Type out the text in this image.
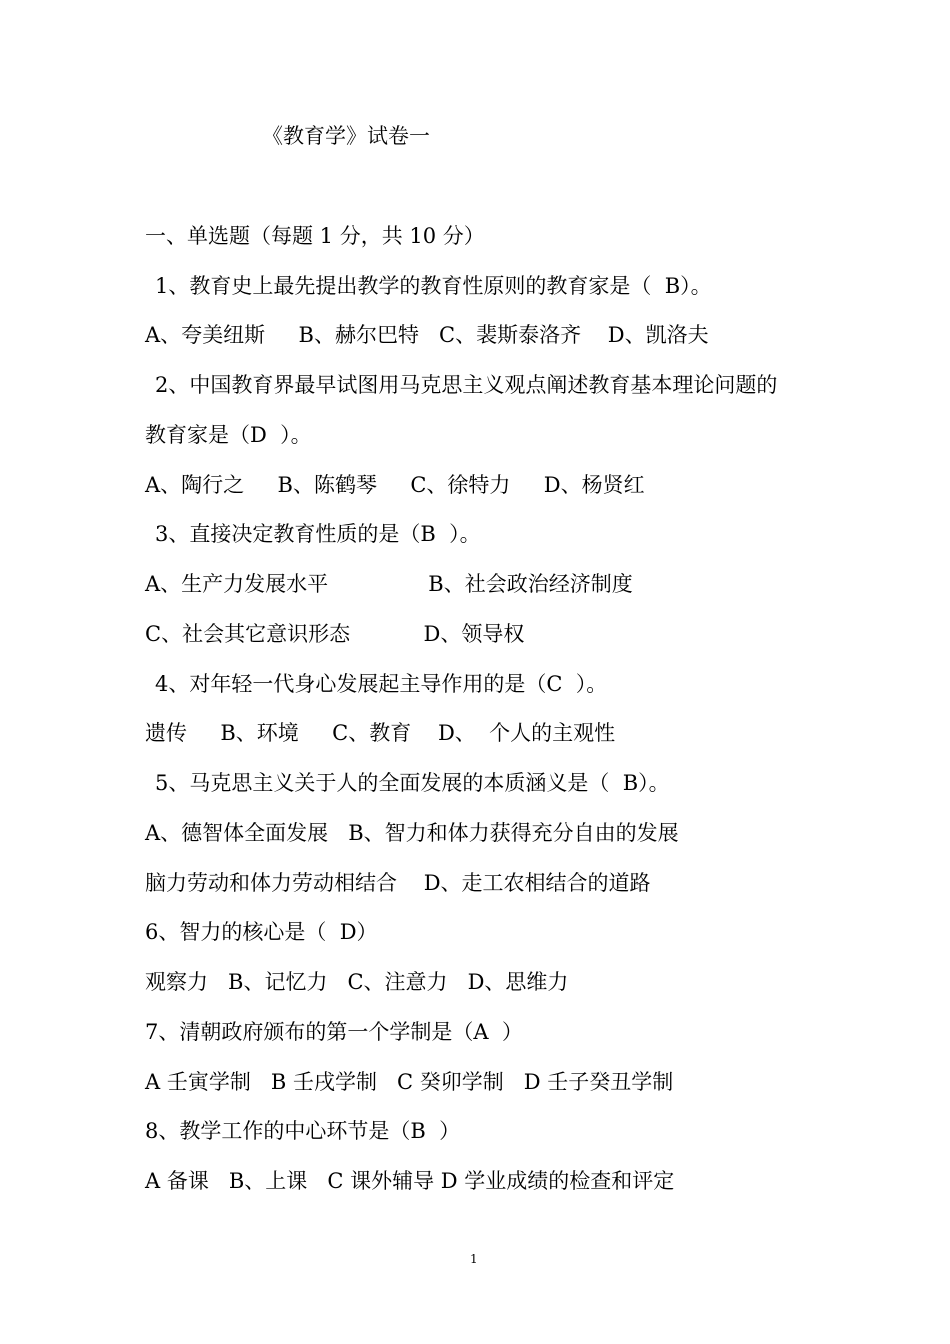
《教育学》试卷一
一、单选题（每题 1 分，共 10 分）
1、教育史上最先提出教学的教育性原则的教育家是（  B）。
A、夸美纽斯     B、赫尔巴特   C、裴斯泰洛齐    D、凯洛夫
2、中国教育界最早试图用马克思主义观点阐述教育基本理论问题的
教育家是（D  ）。
A、陶行之     B、陈鹤琴     C、徐特力     D、杨贤红
3、直接决定教育性质的是（B  ）。
A、生产力发展水平               B、社会政治经济制度
C、社会其它意识形态           D、领导权
4、对年轻一代身心发展起主导作用的是（C  ）。
遗传     B、环境     C、教育    D、  个人的主观性
5、马克思主义关于人的全面发展的本质涵义是（  B）。
A、德智体全面发展   B、智力和体力获得充分自由的发展
脑力劳动和体力劳动相结合    D、走工农相结合的道路
6、智力的核心是（  D）
观察力   B、记忆力   C、注意力   D、思维力
7、清朝政府颁布的第一个学制是（A  ）
A 壬寅学制   B 壬戌学制   C 癸卯学制   D 壬子癸丑学制
8、教学工作的中心环节是（B  ）
A 备课   B、上课   C 课外辅导 D 学业成绩的检查和评定
1
